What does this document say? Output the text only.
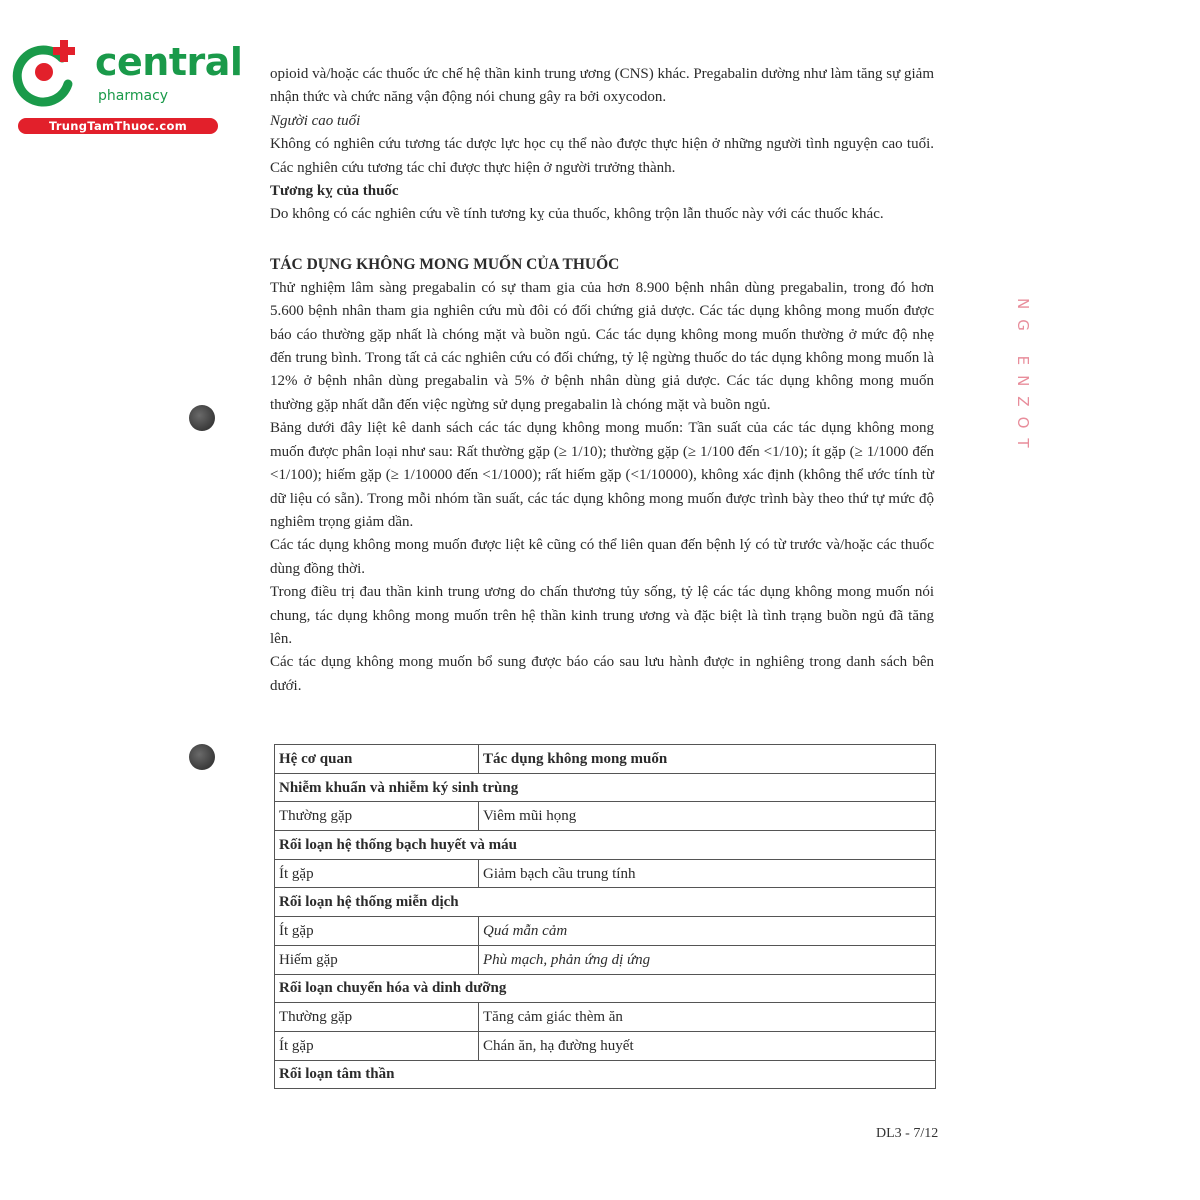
central
pharmacy
TrungTamThuoc.com
NG ENZOT

opioid và/hoặc các thuốc ức chế hệ thần kinh trung ương (CNS) khác. Pregabalin dường như làm tăng sự giảm nhận thức và chức năng vận động nói chung gây ra bởi oxycodon.

Người cao tuổi

Không có nghiên cứu tương tác dược lực học cụ thể nào được thực hiện ở những người tình nguyện cao tuổi. Các nghiên cứu tương tác chỉ được thực hiện ở người trưởng thành.

Tương kỵ của thuốc

Do không có các nghiên cứu về tính tương kỵ của thuốc, không trộn lẫn thuốc này với các thuốc khác.

TÁC DỤNG KHÔNG MONG MUỐN CỦA THUỐC

Thử nghiệm lâm sàng pregabalin có sự tham gia của hơn 8.900 bệnh nhân dùng pregabalin, trong đó hơn 5.600 bệnh nhân tham gia nghiên cứu mù đôi có đối chứng giả dược. Các tác dụng không mong muốn được báo cáo thường gặp nhất là chóng mặt và buồn ngủ. Các tác dụng không mong muốn thường ở mức độ nhẹ đến trung bình. Trong tất cả các nghiên cứu có đối chứng, tỷ lệ ngừng thuốc do tác dụng không mong muốn là 12% ở bệnh nhân dùng pregabalin và 5% ở bệnh nhân dùng giả dược. Các tác dụng không mong muốn thường gặp nhất dẫn đến việc ngừng sử dụng pregabalin là chóng mặt và buồn ngủ.

Bảng dưới đây liệt kê danh sách các tác dụng không mong muốn: Tần suất của các tác dụng không mong muốn được phân loại như sau: Rất thường gặp (≥ 1/10); thường gặp (≥ 1/100 đến <1/10); ít gặp (≥ 1/1000 đến <1/100); hiếm gặp (≥ 1/10000 đến <1/1000); rất hiếm gặp (<1/10000), không xác định (không thể ước tính từ dữ liệu có sẵn). Trong mỗi nhóm tần suất, các tác dụng không mong muốn được trình bày theo thứ tự mức độ nghiêm trọng giảm dần.

Các tác dụng không mong muốn được liệt kê cũng có thể liên quan đến bệnh lý có từ trước và/hoặc các thuốc dùng đồng thời.

Trong điều trị đau thần kinh trung ương do chấn thương tủy sống, tỷ lệ các tác dụng không mong muốn nói chung, tác dụng không mong muốn trên hệ thần kinh trung ương và đặc biệt là tình trạng buồn ngủ đã tăng lên.

Các tác dụng không mong muốn bổ sung được báo cáo sau lưu hành được in nghiêng trong danh sách bên dưới.

Hệ cơ quan	Tác dụng không mong muốn
Nhiễm khuẩn và nhiễm ký sinh trùng	
Thường gặp	Viêm mũi họng
Rối loạn hệ thống bạch huyết và máu	
Ít gặp	Giảm bạch cầu trung tính
Rối loạn hệ thống miễn dịch	
Ít gặp	Quá mẫn cảm
Hiếm gặp	Phù mạch, phản ứng dị ứng
Rối loạn chuyển hóa và dinh dưỡng	
Thường gặp	Tăng cảm giác thèm ăn
Ít gặp	Chán ăn, hạ đường huyết
Rối loạn tâm thần	
DL3 - 7/12
